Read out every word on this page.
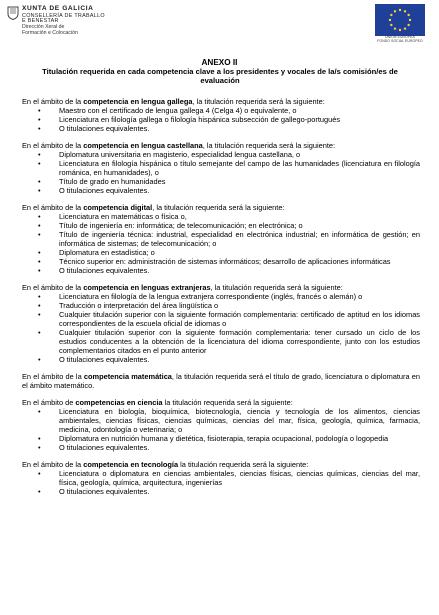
XUNTA DE GALICIA
CONSELLERÍA DE TRABALLO
E BENESTAR
Dirección Xeral de
Formación e Colocación
UNIÓN EUROPEA
FONDO SOCIAL EUROPEO
ANEXO II
Titulación requerida en cada competencia clave a los presidentes y vocales de la/s comisión/es de evaluación
En el ámbito de la competencia en lengua gallega, la titulación requerida será la siguiente:
• Maestro con el certificado de lengua gallega 4 (Celga 4) o equivalente, o
• Licenciatura en filología gallega o filología hispánica subsección de gallego-portugués
• O titulaciones equivalentes.
En el ámbito de la competencia en lengua castellana, la titulación requerida será la siguiente:
• Diplomatura universitaria en magisterio, especialidad lengua castellana, o
• Licenciatura en filología hispánica o título semejante del campo de las humanidades (licenciatura en filología románica, en humanidades), o
• Título de grado en humanidades
• O titulaciones equivalentes.
En el ámbito de la competencia digital, la titulación requerida será la siguiente:
• Licenciatura en matemáticas o física o,
• Título de ingeniería en: informática; de telecomunicación; en electrónica; o
• Título de ingeniería técnica: industrial, especialidad en electrónica industrial; en informática de gestión; en informática de sistemas; de telecomunicación; o
• Diplomatura en estadística; o
• Técnico superior en: administración de sistemas informáticos; desarrollo de aplicaciones informáticas
• O titulaciones equivalentes.
En el ámbito de la competencia en lenguas extranjeras, la titulación requerida será la siguiente:
• Licenciatura en filología de la lengua extranjera correspondiente (inglés, francés o alemán) o
• Traducción o interpretación del área lingüística o
• Cualquier titulación superior con la siguiente formación complementaria: certificado de aptitud en los idiomas correspondientes de la escuela oficial de idiomas o
• Cualquier titulación superior con la siguiente formación complementaria: tener cursado un ciclo de los estudios conducentes a la obtención de la licenciatura del idioma correspondiente, junto con los estudios complementarios citados en el punto anterior
• O titulaciones equivalentes.
En el ámbito de la competencia matemática, la titulación requerida será el título de grado, licenciatura o diplomatura en el ámbito matemático.
En el ámbito de competencias en ciencia la titulación requerida será la siguiente:
• Licenciatura en biología, bioquímica, biotecnología, ciencia y tecnología de los alimentos, ciencias ambientales, ciencias físicas, ciencias químicas, ciencias del mar, física, geología, química, farmacia, medicina, odontología o veterinaria; o
• Diplomatura en nutrición humana y dietética, fisioterapia, terapia ocupacional, podología o logopedia
• O titulaciones equivalentes.
En el ámbito de la competencia en tecnología la titulación requerida será la siguiente:
• Licenciatura o diplomatura en ciencias ambientales, ciencias físicas, ciencias químicas, ciencias del mar, física, geología, química, arquitectura, ingenierías
• O titulaciones equivalentes.
